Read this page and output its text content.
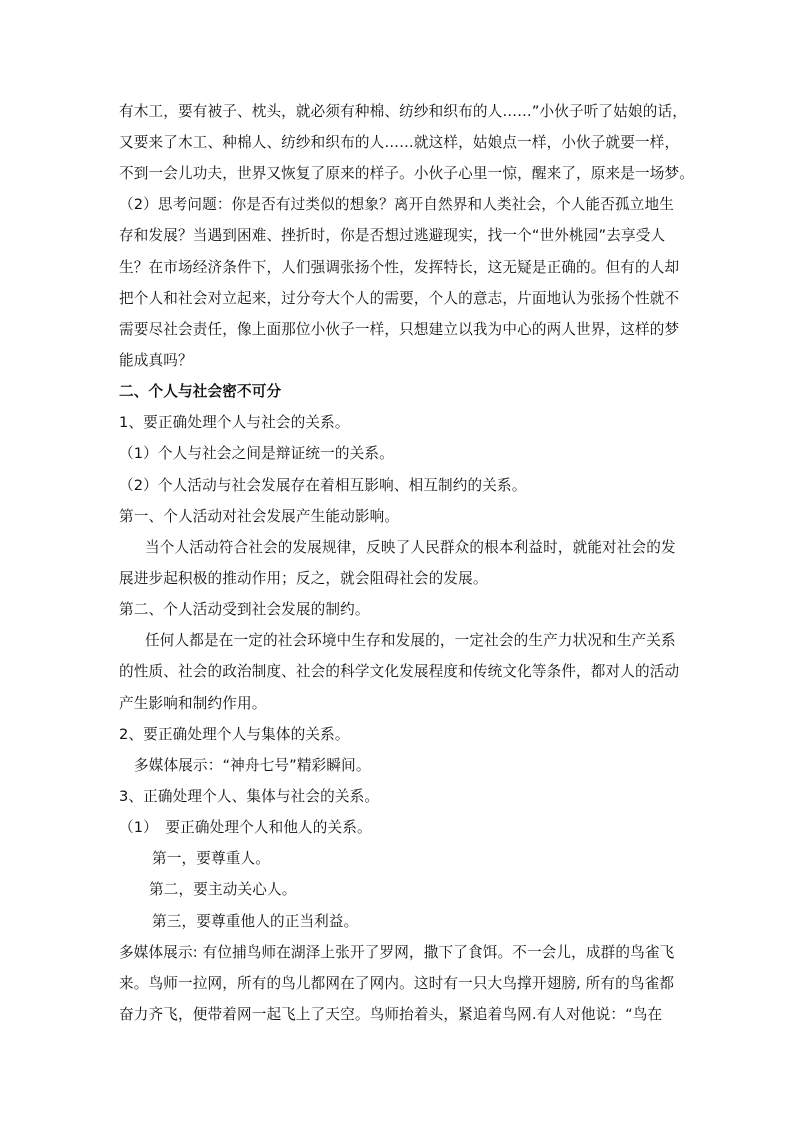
有木工，要有被子、枕头，就必须有种棉、纺纱和织布的人……”小伙子听了姑娘的话，
又要来了木工、种棉人、纺纱和织布的人……就这样，姑娘点一样，小伙子就要一样，
不到一会儿功夫，世界又恢复了原来的样子。小伙子心里一惊，醒来了，原来是一场梦。
（2）思考问题：你是否有过类似的想象？离开自然界和人类社会，个人能否孤立地生
存和发展？当遇到困难、挫折时，你是否想过逃避现实，找一个“世外桃园”去享受人
生？在市场经济条件下，人们强调张扬个性，发挥特长，这无疑是正确的。但有的人却
把个人和社会对立起来，过分夸大个人的需要，个人的意志，片面地认为张扬个性就不
需要尽社会责任，像上面那位小伙子一样，只想建立以我为中心的两人世界，这样的梦
能成真吗？
二、个人与社会密不可分
1、要正确处理个人与社会的关系。
（1）个人与社会之间是辩证统一的关系。
（2）个人活动与社会发展存在着相互影响、相互制约的关系。
第一、个人活动对社会发展产生能动影响。
当个人活动符合社会的发展规律，反映了人民群众的根本利益时，就能对社会的发
展进步起积极的推动作用；反之，就会阻碍社会的发展。
第二、个人活动受到社会发展的制约。
任何人都是在一定的社会环境中生存和发展的，一定社会的生产力状况和生产关系
的性质、社会的政治制度、社会的科学文化发展程度和传统文化等条件，都对人的活动
产生影响和制约作用。
2、要正确处理个人与集体的关系。
多媒体展示：“神舟七号”精彩瞬间。
3、正确处理个人、集体与社会的关系。
（1）　要正确处理个人和他人的关系。
第一，要尊重人。
第二，要主动关心人。
第三，要尊重他人的正当利益。
多媒体展示: 有位捕鸟师在湖泽上张开了罗网，撒下了食饵。不一会儿，成群的鸟雀飞
来。鸟师一拉网，所有的鸟儿都网在了网内。这时有一只大鸟撑开翅膀, 所有的鸟雀都
奋力齐飞，便带着网一起飞上了天空。鸟师抬着头，紧追着鸟网.有人对他说：“鸟在
